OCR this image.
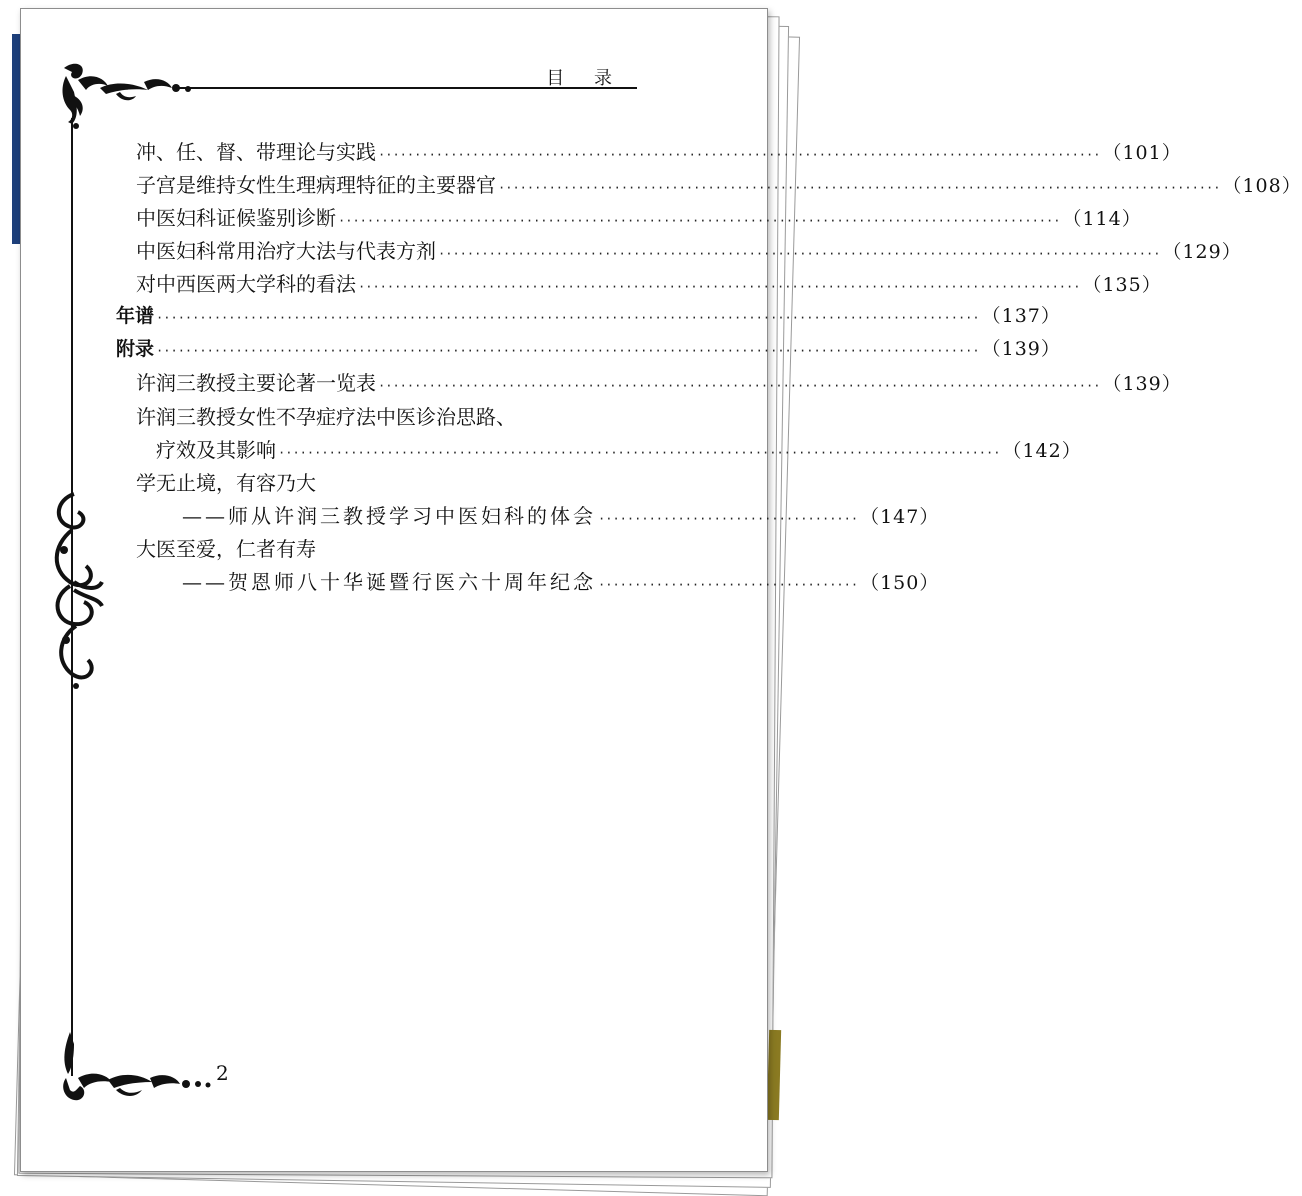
目 录
冲、任、督、带理论与实践 ···································································································· （101）
子宫是维持女性生理病理特征的主要器官 ···································································································· （108）
中医妇科证候鉴别诊断 ···································································································· （114）
中医妇科常用治疗大法与代表方剂 ···································································································· （129）
对中西医两大学科的看法 ···································································································· （135）
年谱 ·················································································································· （137）
附录 ·················································································································· （139）
许润三教授主要论著一览表 ···································································································· （139）
许润三教授女性不孕症疗法中医诊治思路、
疗效及其影响 ···································································································· （142）
学无止境，有容乃大
——师从许润三教授学习中医妇科的体会 ···································· （147）
大医至爱，仁者有寿
——贺恩师八十华诞暨行医六十周年纪念 ···································· （150）
2
